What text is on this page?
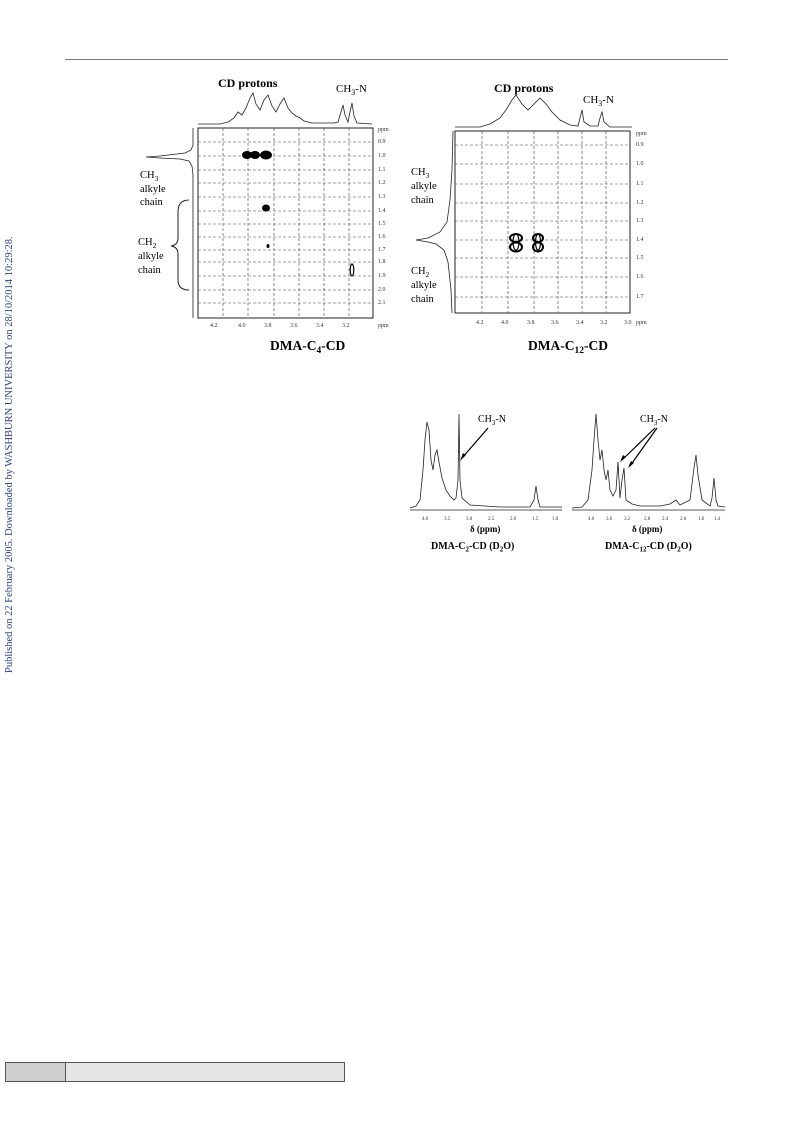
Published on 22 February 2005. Downloaded by WASHBURN UNIVERSITY on 28/10/2014 10:29:28.
CD protons	$CH_3-N$
ppm
0.9
1.0
1.1
1.2
1.3
1.4
1.5
1.6
1.7
1.8
1.9
2.0
2.1
4.2	4.0	3.8	3.6	3.4	3.2	ppm
$CH_3$
alkyle
chain
$CH_2$
alkyle
chain
DMA-$C_4-CD$
CD protons
$CH_3-N$
ppm
0.9
1.0
1.1
1.2
1.3
1.4
1.5
1.6
1.7
4.2	4.0	3.8	3.6	3.4	3.2	3.0 ppm
$CH_3$
alkyle
chain
$CH_2$
alkyle
chain
DMA-$C_{12}-CD$
$CH_3-N$
4.0	3.5	3.0	2.5	2.0	1.5	1.0
δ (ppm)
DMA-$C_2-CD$ $(D_2O)$
$CH_3-N$
4.0 3.6 3.2	2.8 2.4 2.0 1.6 1.4
δ (ppm)
DMA-$C_{12}-CD$ $(D_2O)$
